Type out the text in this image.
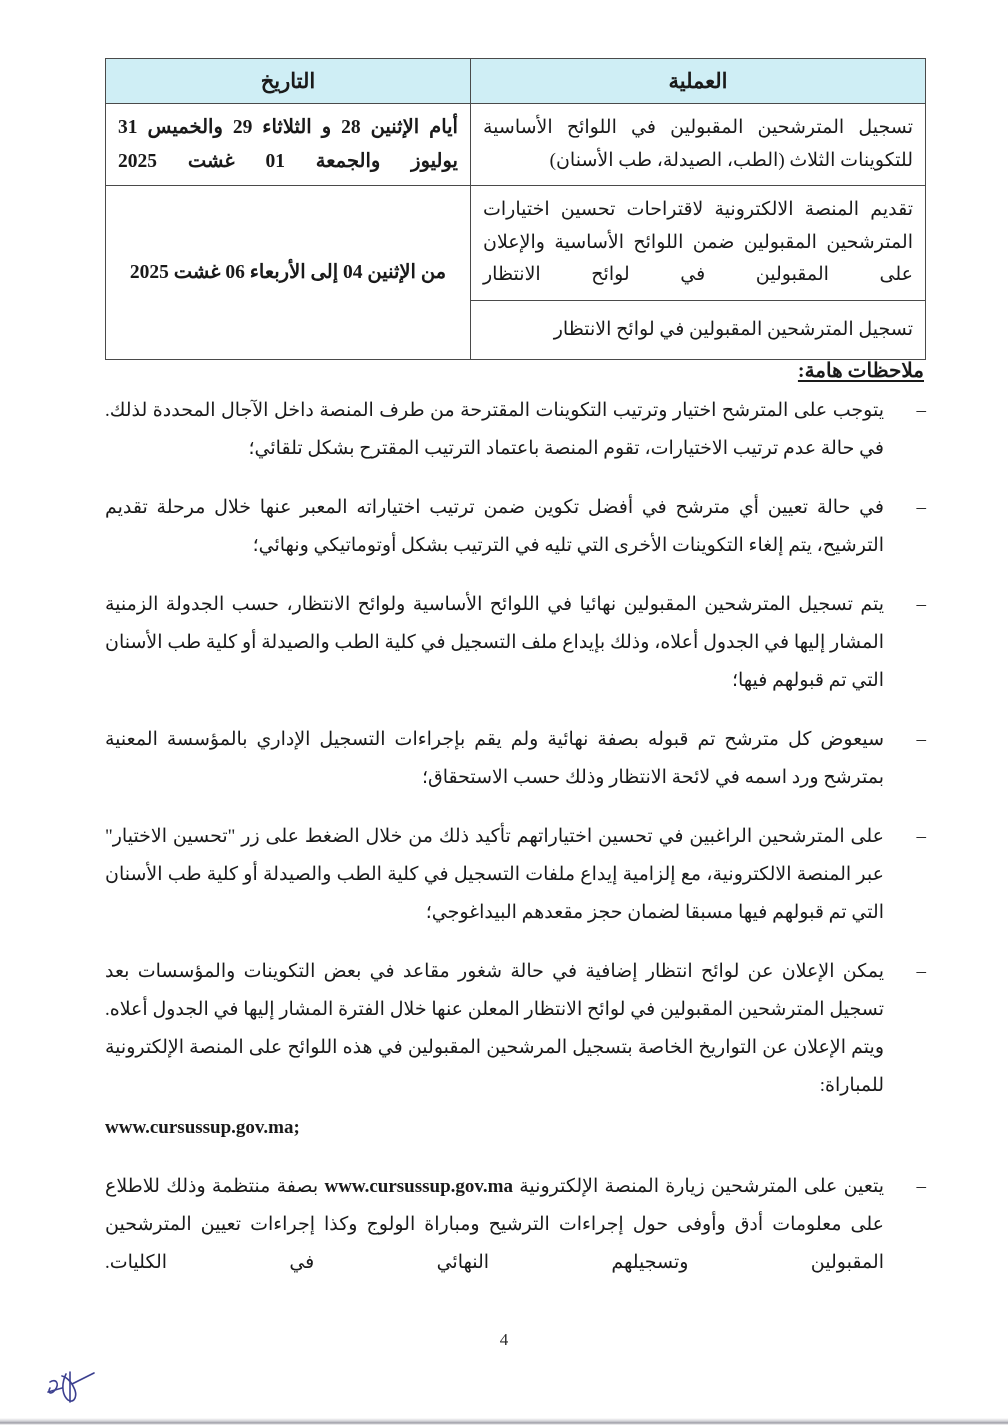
العملية	التاريخ
تسجيل المترشحين المقبولين في اللوائح الأساسية للتكوينات الثلاث (الطب، الصيدلة، طب الأسنان)	أيام الإثنين 28 و الثلاثاء 29 والخميس 31 يوليوز والجمعة 01 غشت 2025
تقديم المنصة الالكترونية لاقتراحات تحسين اختيارات المترشحين المقبولين ضمن اللوائح الأساسية والإعلان على المقبولين في لوائح الانتظار	من الإثنين 04 إلى الأربعاء 06 غشت 2025
تسجيل المترشحين المقبولين في لوائح الانتظار	
ملاحظات هامة:
–
يتوجب على المترشح اختيار وترتيب التكوينات المقترحة من طرف المنصة داخل الآجال المحددة لذلك. في حالة عدم ترتيب الاختيارات، تقوم المنصة باعتماد الترتيب المقترح بشكل تلقائي؛
–
في حالة تعيين أي مترشح في أفضل تكوين ضمن ترتيب اختياراته المعبر عنها خلال مرحلة تقديم الترشيح، يتم إلغاء التكوينات الأخرى التي تليه في الترتيب بشكل أوتوماتيكي ونهائي؛
–
يتم تسجيل المترشحين المقبولين نهائيا في اللوائح الأساسية ولوائح الانتظار، حسب الجدولة الزمنية المشار إليها في الجدول أعلاه، وذلك بإيداع ملف التسجيل في كلية الطب والصيدلة أو كلية طب الأسنان التي تم قبولهم فيها؛
–
سيعوض كل مترشح تم قبوله بصفة نهائية ولم يقم بإجراءات التسجيل الإداري بالمؤسسة المعنية بمترشح ورد اسمه في لائحة الانتظار وذلك حسب الاستحقاق؛
–
على المترشحين الراغبين في تحسين اختياراتهم تأكيد ذلك من خلال الضغط على زر "تحسين الاختيار" عبر المنصة الالكترونية، مع إلزامية إيداع ملفات التسجيل في كلية الطب والصيدلة أو كلية طب الأسنان التي تم قبولهم فيها مسبقا لضمان حجز مقعدهم البيداغوجي؛
–
يمكن الإعلان عن لوائح انتظار إضافية في حالة شغور مقاعد في بعض التكوينات والمؤسسات بعد تسجيل المترشحين المقبولين في لوائح الانتظار المعلن عنها خلال الفترة المشار إليها في الجدول أعلاه. ويتم الإعلان عن التواريخ الخاصة بتسجيل المرشحين المقبولين في هذه اللوائح على المنصة الإلكترونية للمباراة:
www.cursussup.gov.ma;
–
يتعين على المترشحين زيارة المنصة الإلكترونية www.cursussup.gov.ma بصفة منتظمة وذلك للاطلاع على معلومات أدق وأوفى حول إجراءات الترشيح ومباراة الولوج وكذا إجراءات تعيين المترشحين المقبولين وتسجيلهم النهائي في الكليات.
4
